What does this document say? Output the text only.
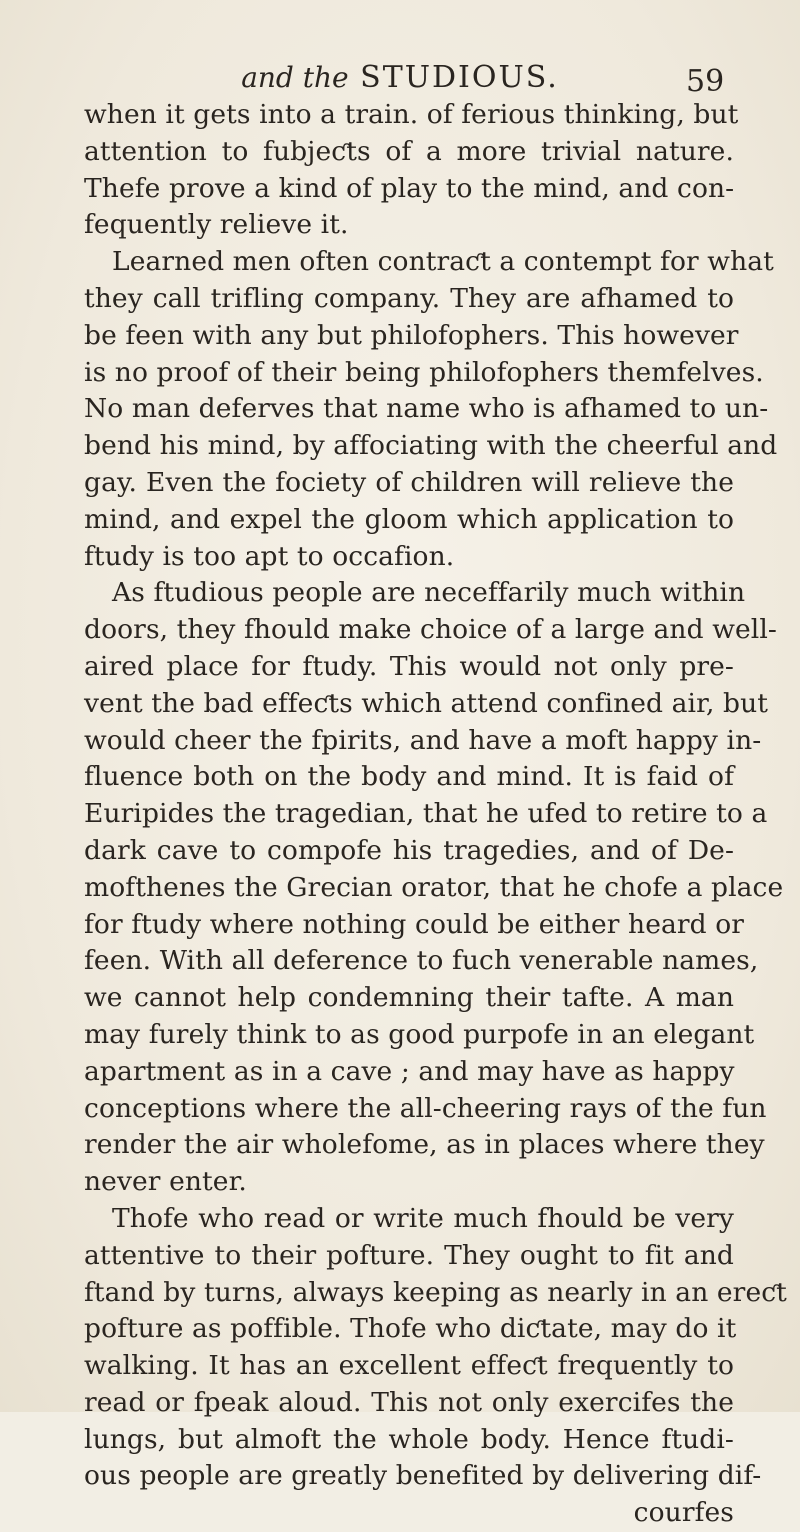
and the STUDIOUS.	59
when it gets into a train. of ferious thinking, but
attention to fubjeƈts of a more trivial nature.
Thefe prove a kind of play to the mind, and con-
fequently relieve it.
Learned men often contraƈt a contempt for what
they call trifling company. They are afhamed to
be feen with any but philofophers. This however
is no proof of their being philofophers themfelves.
No man deferves that name who is afhamed to un-
bend his mind, by affociating with the cheerful and
gay. Even the fociety of children will relieve the
mind, and expel the gloom which application to
ftudy is too apt to occafion.
As ftudious people are neceffarily much within
doors, they fhould make choice of a large and well-
aired place for ftudy. This would not only pre-
vent the bad effeƈts which attend confined air, but
would cheer the fpirits, and have a moft happy in-
fluence both on the body and mind. It is faid of
Euripides the tragedian, that he ufed to retire to a
dark cave to compofe his tragedies, and of De-
mofthenes the Grecian orator, that he chofe a place
for ftudy where nothing could be either heard or
feen. With all deference to fuch venerable names,
we cannot help condemning their tafte. A man
may furely think to as good purpofe in an elegant
apartment as in a cave ; and may have as happy
conceptions where the all-cheering rays of the fun
render the air wholefome, as in places where they
never enter.
Thofe who read or write much fhould be very
attentive to their pofture. They ought to fit and
ftand by turns, always keeping as nearly in an ereƈt
pofture as poffible. Thofe who diƈtate, may do it
walking. It has an excellent effeƈt frequently to
read or fpeak aloud. This not only exercifes the
lungs, but almoft the whole body. Hence ftudi-
ous people are greatly benefited by delivering dif-
courfes
